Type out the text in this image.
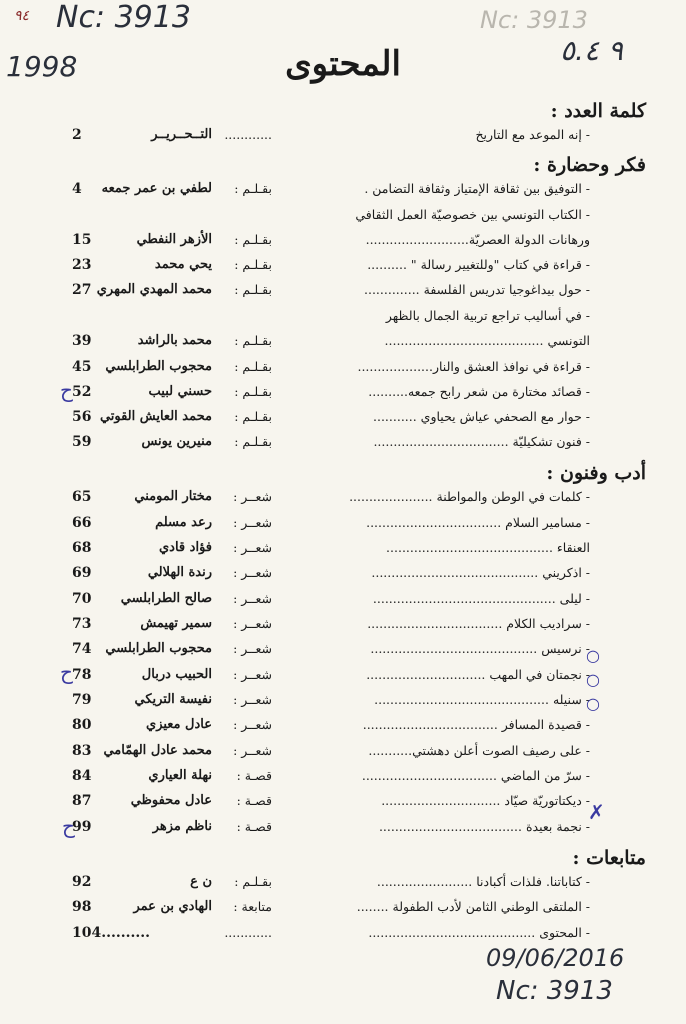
٩٤ Nc: 3913
1998	٩ ٥.٤
Nc: 3913
المحتوى
كلمة العدد :
فكر وحضارة :
أدب وفنون :
متابعات :
- إنه الموعد مع التاريخ
............
التــحــريــر
2
- التوفيق بين ثقافة الإمتياز وثقافة التضامن .
بقـلـم :
لطفي بن عمر جمعه
4
- الكتاب التونسي بين خصوصيّة العمل الثقافي
ورهانات الدولة العصريّة..........................
بقـلـم :
الأزهر النفطي
15
- قراءة في كتاب "وللتغيير رسالة " ..........
بقـلـم :
يحي محمد
23
- حول بيداغوجيا تدريس الفلسفة ..............
بقـلـم :
محمد المهدي المهري
27
- في أساليب تراجع تربية الجمال بالظهر
التونسي ........................................
بقـلـم :
محمد بالراشد
39
- قراءة في نوافذ العشق والنار...................
بقـلـم :
محجوب الطرابلسي
45
- قصائد مختارة من شعر رابح جمعه..........
بقـلـم :
حسني لبيب
52
- حوار مع الصحفي عياش يحياوي ...........
بقـلـم :
محمد العايش القوتي
56
- فنون تشكيليّة ..................................
بقـلـم :
منيرين يونس
59
- كلمات في الوطن والمواطنة .....................
شعــر :
مختار المومني
65
- مسامير السلام ..................................
شعــر :
رعد مسلم
66
العنقاء ..........................................
شعــر :
فؤاد قادي
68
- اذكريني ..........................................
شعــر :
رندة الهلالي
69
- ليلى ..............................................
شعــر :
صالح الطرابلسي
70
- سراديب الكلام ..................................
شعــر :
سمير تهيمش
73
- نرسيس ..........................................
شعــر :
محجوب الطرابلسي
74
- نجمتان في المهب ..............................
شعــر :
الحبيب دربال
78
- سنيله ............................................
شعــر :
نفيسة التريكي
79
- قصيدة المسافر ..................................
شعــر :
عادل معيزي
80
- على رصيف الصوت أعلن دهشتي...........
شعــر :
محمد عادل الهمّامي
83
- سرّ من الماضي ..................................
قصـة :
نهلة العياري
84
- ديكتاتوريّة صيّاد ..............................
قصـة :
عادل محفوظي
87
- نجمة بعيدة ....................................
قصـة :
ناظم مزهر
99
- كتاباتنا. فلذات أكبادنا ........................
بقـلـم :
ن ع
92
- الملتقى الوطني الثامن لأدب الطفولة ........
متابعة :
الهادي بن عمر
98
- المحتوى ..........................................
............
104..........
ح
ح
ح
○
○
○
✗
09/06/2016
Nc: 3913
